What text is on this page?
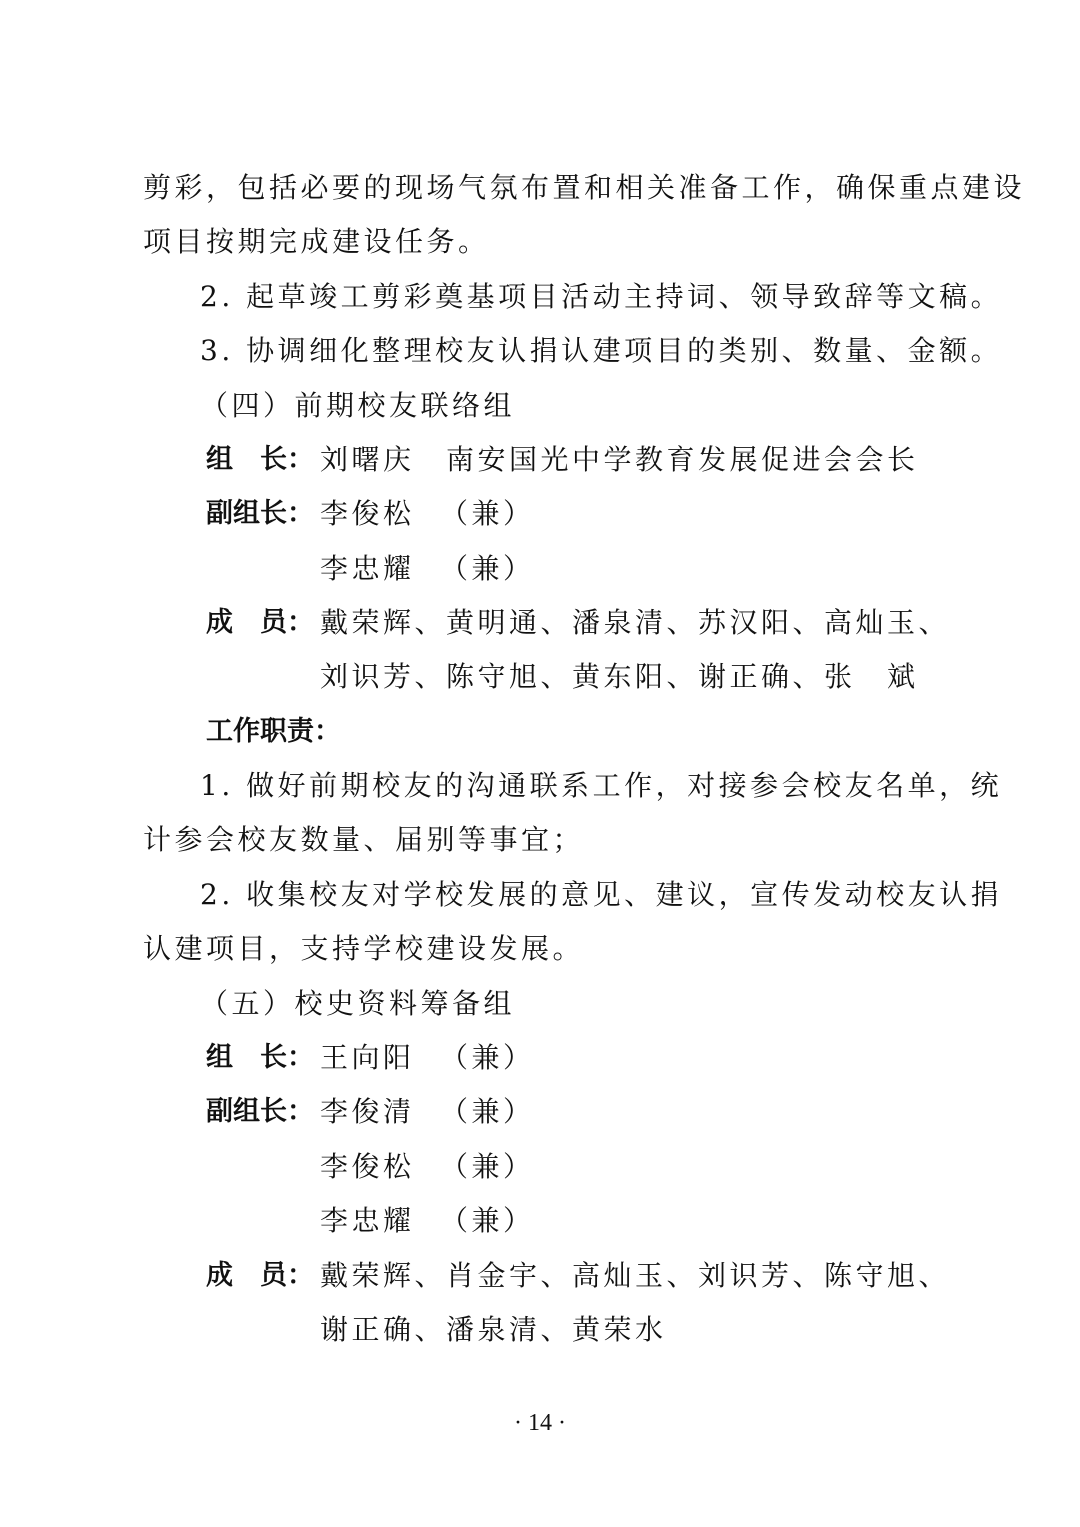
剪彩，包括必要的现场气氛布置和相关准备工作，确保重点建设
项目按期完成建设任务。
2. 起草竣工剪彩奠基项目活动主持词、领导致辞等文稿。
3. 协调细化整理校友认捐认建项目的类别、数量、金额。
（四）前期校友联络组
组　长： 刘曙庆　南安国光中学教育发展促进会会长
副组长： 李俊松 （兼）
李忠耀 （兼）
成　员： 戴荣辉、黄明通、潘泉清、苏汉阳、高灿玉、
刘识芳、陈守旭、黄东阳、谢正确、张　斌
工作职责：
1. 做好前期校友的沟通联系工作，对接参会校友名单，统
计参会校友数量、届别等事宜；
2. 收集校友对学校发展的意见、建议，宣传发动校友认捐
认建项目，支持学校建设发展。
（五）校史资料筹备组
组　长： 王向阳 （兼）
副组长： 李俊清 （兼）
李俊松 （兼）
李忠耀 （兼）
成　员： 戴荣辉、肖金宇、高灿玉、刘识芳、陈守旭、
谢正确、潘泉清、黄荣水
· 14 ·
